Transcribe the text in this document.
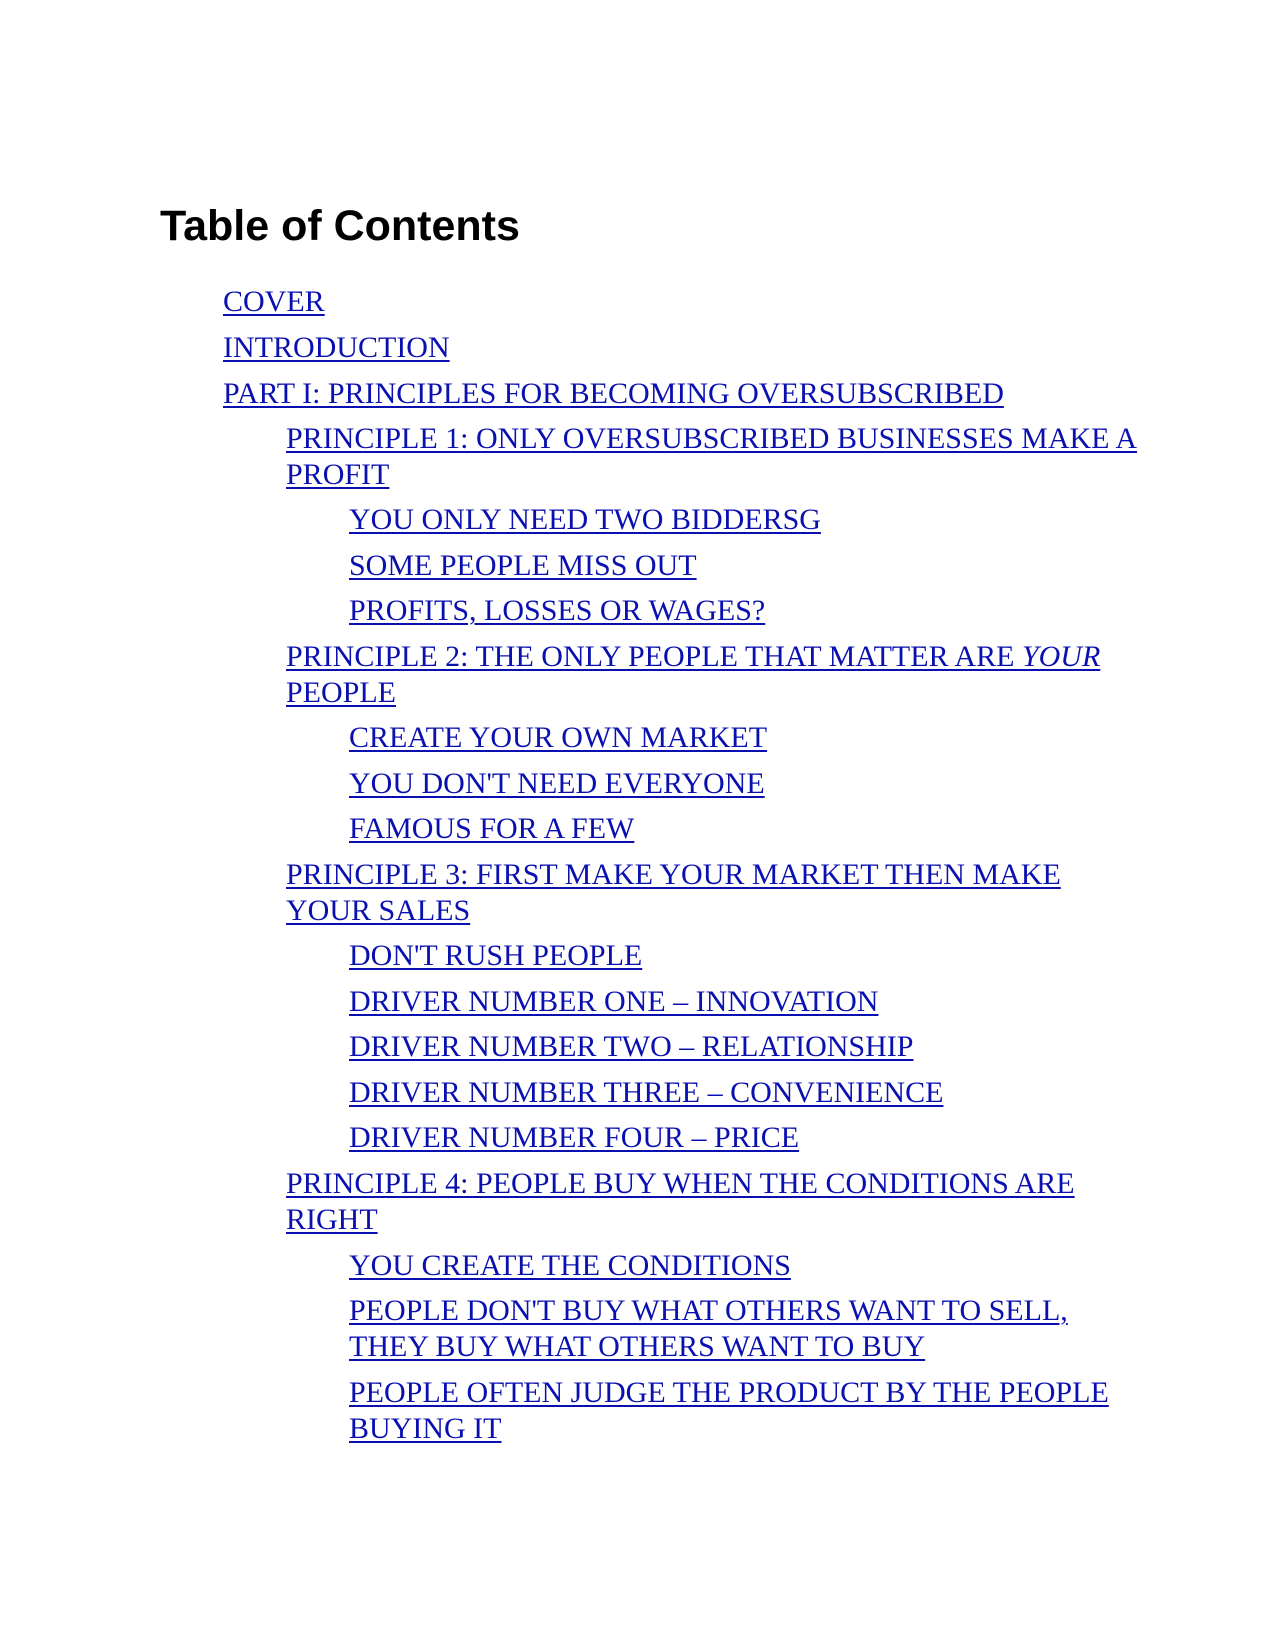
Table of Contents
COVER
INTRODUCTION
PART I: PRINCIPLES FOR BECOMING OVERSUBSCRIBED
PRINCIPLE 1: ONLY OVERSUBSCRIBED BUSINESSES MAKE A PROFIT
YOU ONLY NEED TWO BIDDERSG
SOME PEOPLE MISS OUT
PROFITS, LOSSES OR WAGES?
PRINCIPLE 2: THE ONLY PEOPLE THAT MATTER ARE YOUR PEOPLE
CREATE YOUR OWN MARKET
YOU DON'T NEED EVERYONE
FAMOUS FOR A FEW
PRINCIPLE 3: FIRST MAKE YOUR MARKET THEN MAKE YOUR SALES
DON'T RUSH PEOPLE
DRIVER NUMBER ONE – INNOVATION
DRIVER NUMBER TWO – RELATIONSHIP
DRIVER NUMBER THREE – CONVENIENCE
DRIVER NUMBER FOUR – PRICE
PRINCIPLE 4: PEOPLE BUY WHEN THE CONDITIONS ARE RIGHT
YOU CREATE THE CONDITIONS
PEOPLE DON'T BUY WHAT OTHERS WANT TO SELL, THEY BUY WHAT OTHERS WANT TO BUY
PEOPLE OFTEN JUDGE THE PRODUCT BY THE PEOPLE BUYING IT
